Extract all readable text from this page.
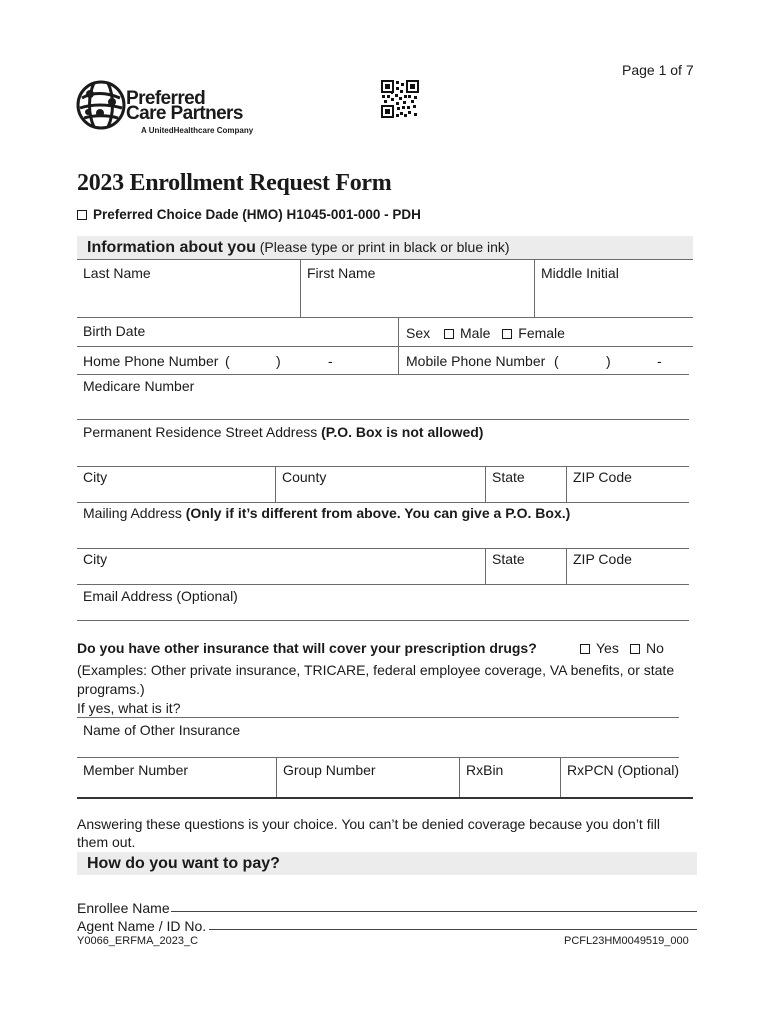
Page 1 of 7
Preferred
Care Partners
A UnitedHealthcare Company
2023 Enrollment Request Form
Preferred Choice Dade (HMO) H1045-001-000 - PDH
Information about you (Please type or print in black or blue ink)
Last Name	First Name	Middle Initial
Birth Date	Sex Male Female
Home Phone Number (	)	-	Mobile Phone Number (	)	-
Medicare Number
Permanent Residence Street Address (P.O. Box is not allowed)
City	County	State	ZIP Code
Mailing Address (Only if it’s different from above. You can give a P.O. Box.)
City	State	ZIP Code
Email Address (Optional)
Do you have other insurance that will cover your prescription drugs?	Yes	No
(Examples: Other private insurance, TRICARE, federal employee coverage, VA benefits, or state
programs.)
If yes, what is it?
Name of Other Insurance
Member Number	Group Number	RxBin	RxPCN (Optional)
Answering these questions is your choice. You can’t be denied coverage because you don’t fill
them out.
How do you want to pay?
Enrollee Name
Agent Name / ID No.
Y0066_ERFMA_2023_C	PCFL23HM0049519_000
